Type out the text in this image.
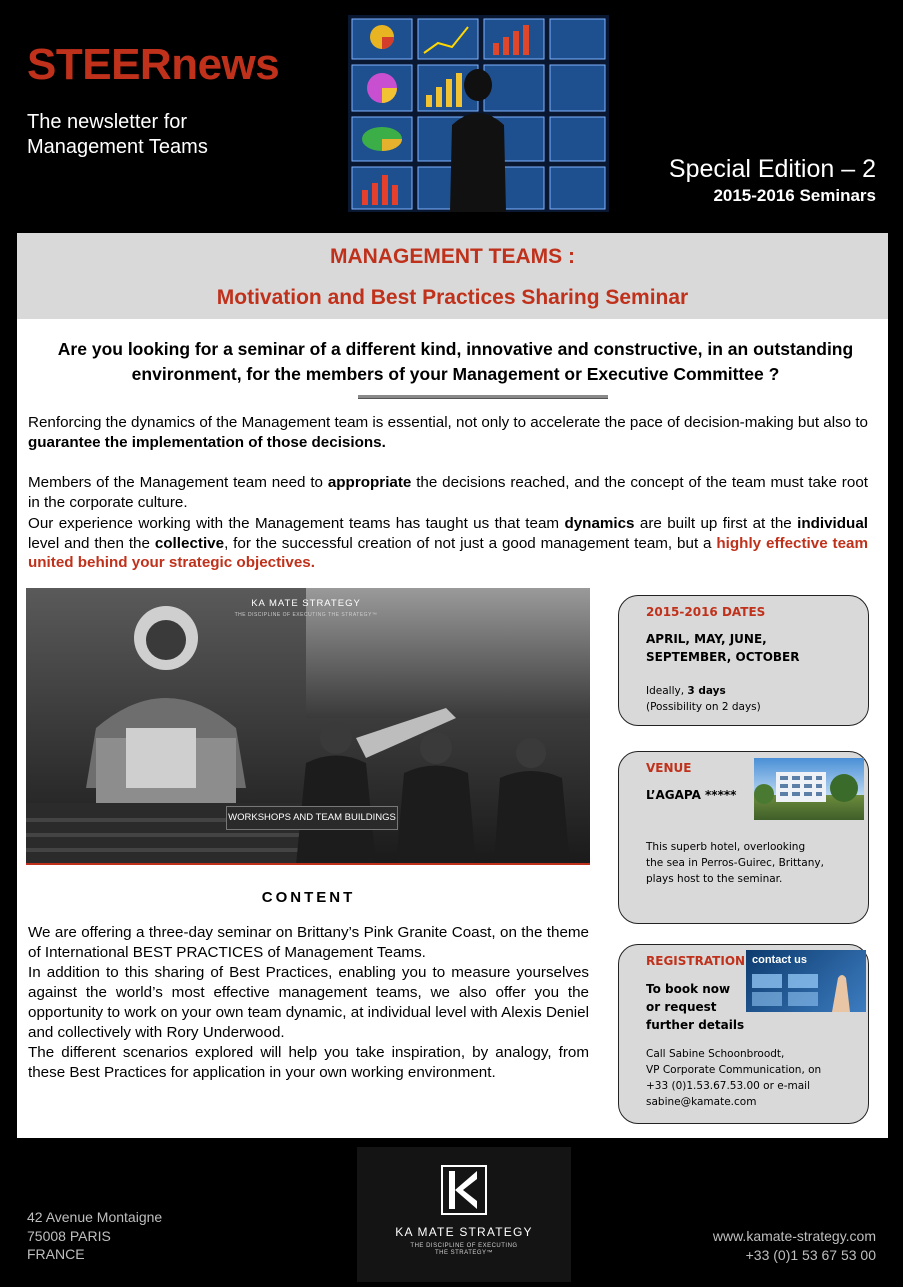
STEERnews
The newsletter for
Management Teams
Special Edition – 2
2015-2016 Seminars
MANAGEMENT TEAMS :
Motivation and Best Practices Sharing Seminar
Are you looking for a seminar of a different kind, innovative and constructive, in an outstanding environment, for the members of your Management or Executive Committee ?
Renforcing the dynamics of the Management team is essential, not only to accelerate the pace of decision-making but also to guarantee the implementation of those decisions.
Members of the Management team need to appropriate the decisions reached, and the concept of the team must take root in the corporate culture.
Our experience working with the Management teams has taught us that team dynamics are built up first at the individual level and then the collective, for the successful creation of not just a good management team, but a highly effective team united behind your strategic objectives.
KA MATE STRATEGY
THE DISCIPLINE OF EXECUTING THE STRATEGY™
WORKSHOPS AND TEAM BUILDINGS
CONTENT
We are offering a three-day seminar on Brittany’s Pink Granite Coast, on the theme of International BEST PRACTICES of Management Teams.
In addition to this sharing of Best Practices, enabling you to measure yourselves against the world’s most effective management teams, we also offer you the opportunity to work on your own team dynamic, at individual level with Alexis Deniel and collectively with Rory Underwood.
The different scenarios explored will help you take inspiration, by analogy, from these Best Practices for application in your own working environment.
2015-2016 DATES
APRIL, MAY, JUNE,
SEPTEMBER, OCTOBER
Ideally, 3 days
(Possibility on 2 days)
VENUE
L’AGAPA *****
This superb hotel, overlooking
the sea in Perros-Guirec, Brittany,
plays host to the seminar.
REGISTRATION
To book now
or request
further details
contact us
Call Sabine Schoonbroodt,
VP Corporate Communication, on
+33 (0)1.53.67.53.00 or e-mail
sabine@kamate.com
42 Avenue Montaigne
75008 PARIS
FRANCE
KA MATE STRATEGY
THE DISCIPLINE OF EXECUTING
THE STRATEGY™
www.kamate-strategy.com
+33 (0)1 53 67 53 00
